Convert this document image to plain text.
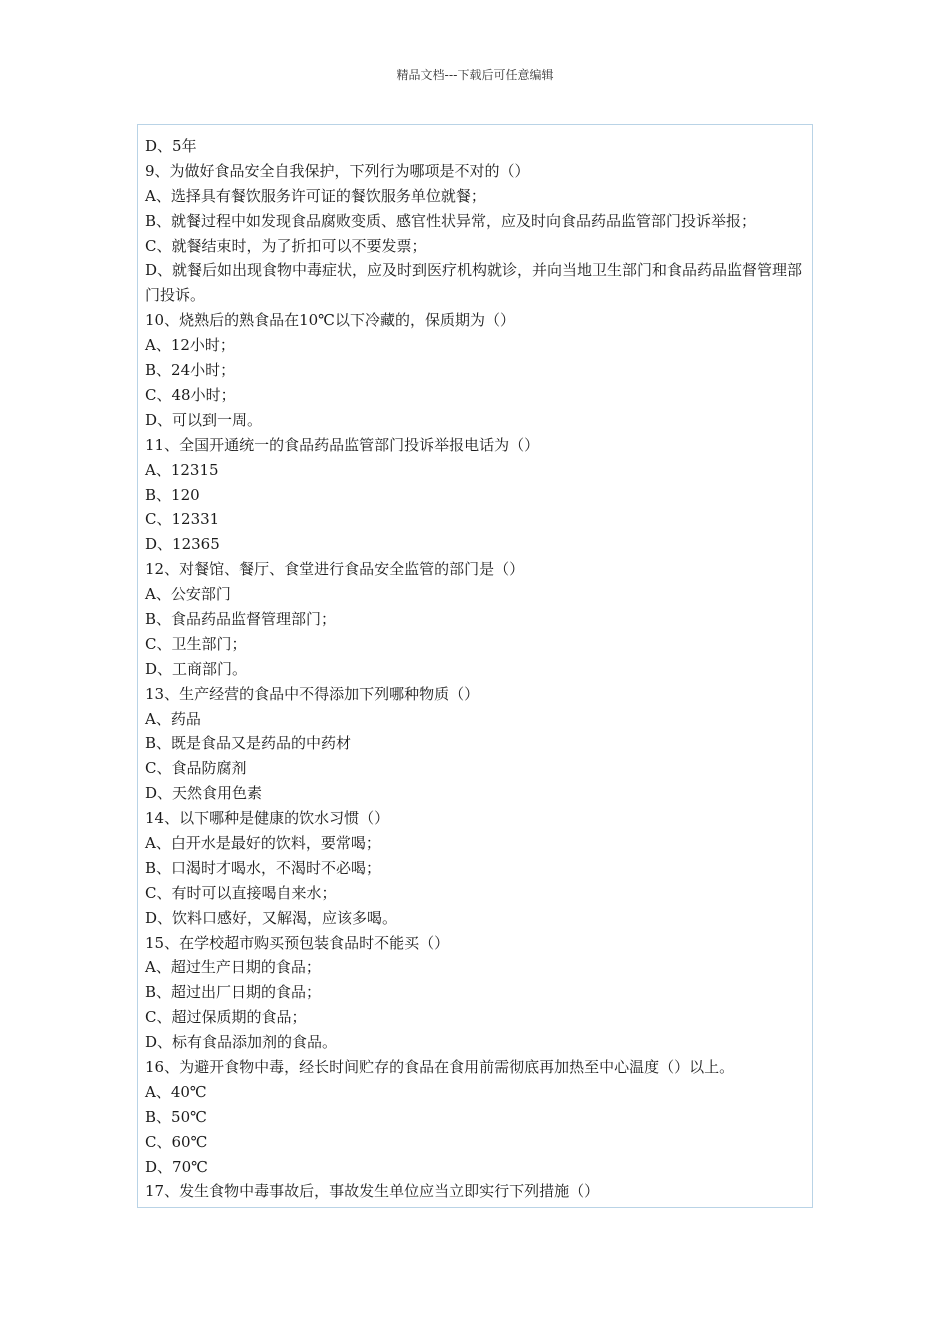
精品文档---下载后可任意编辑
D、5年
9、为做好食品安全自我保护，下列行为哪项是不对的（）
A、选择具有餐饮服务许可证的餐饮服务单位就餐；
B、就餐过程中如发现食品腐败变质、感官性状异常，应及时向食品药品监管部门投诉举报；
C、就餐结束时，为了折扣可以不要发票；
D、就餐后如出现食物中毒症状，应及时到医疗机构就诊，并向当地卫生部门和食品药品监督管理部门投诉。
10、烧熟后的熟食品在10℃以下冷藏的，保质期为（）
A、12小时；
B、24小时；
C、48小时；
D、可以到一周。
11、全国开通统一的食品药品监管部门投诉举报电话为（）
A、12315
B、120
C、12331
D、12365
12、对餐馆、餐厅、食堂进行食品安全监管的部门是（）
A、公安部门
B、食品药品监督管理部门；
C、卫生部门；
D、工商部门。
13、生产经营的食品中不得添加下列哪种物质（）
A、药品
B、既是食品又是药品的中药材
C、食品防腐剂
D、天然食用色素
14、以下哪种是健康的饮水习惯（）
A、白开水是最好的饮料，要常喝；
B、口渴时才喝水，不渴时不必喝；
C、有时可以直接喝自来水；
D、饮料口感好，又解渴，应该多喝。
15、在学校超市购买预包装食品时不能买（）
A、超过生产日期的食品；
B、超过出厂日期的食品；
C、超过保质期的食品；
D、标有食品添加剂的食品。
16、为避开食物中毒，经长时间贮存的食品在食用前需彻底再加热至中心温度（）以上。
A、40℃
B、50℃
C、60℃
D、70℃
17、发生食物中毒事故后，事故发生单位应当立即实行下列措施（）
